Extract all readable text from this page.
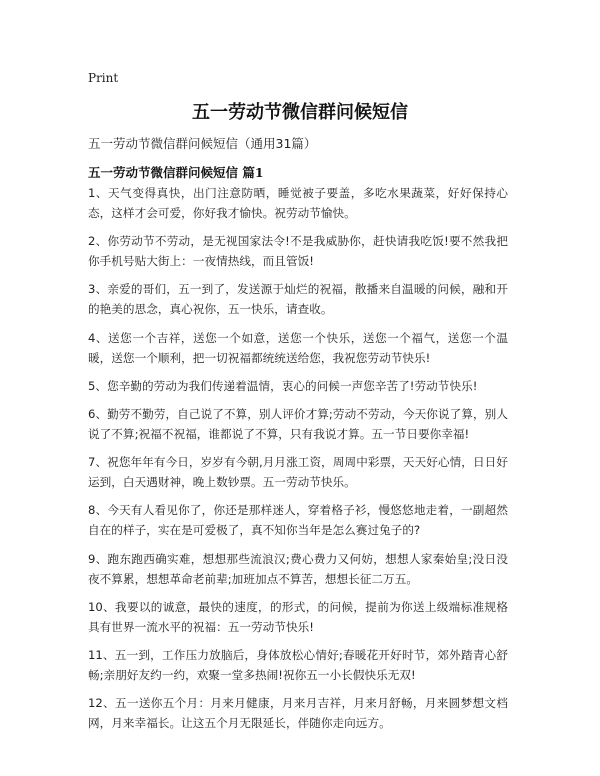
Print
五一劳动节微信群问候短信
五一劳动节微信群问候短信（通用31篇）
五一劳动节微信群问候短信 篇1

1、天气变得真快，出门注意防晒，睡觉被子要盖，多吃水果蔬菜，好好保持心态，这样才会可爱，你好我才愉快。祝劳动节愉快。

2、你劳动节不劳动，是无视国家法令!不是我威胁你，赶快请我吃饭!要不然我把你手机号贴大街上：一夜情热线，而且管饭!

3、亲爱的哥们，五一到了，发送源于灿烂的祝福，散播来自温暖的问候，融和开的艳美的思念，真心祝你，五一快乐，请查收。

4、送您一个吉祥，送您一个如意，送您一个快乐，送您一个福气，送您一个温暖，送您一个顺利，把一切祝福都统统送给您，我祝您劳动节快乐!

5、您辛勤的劳动为我们传递着温情，衷心的问候一声您辛苦了!劳动节快乐!

6、勤劳不勤劳，自己说了不算，别人评价才算;劳动不劳动，今天你说了算，别人说了不算;祝福不祝福，谁都说了不算，只有我说才算。五一节日要你幸福!

7、祝您年年有今日，岁岁有今朝,月月涨工资，周周中彩票，天天好心情，日日好运到，白天遇财神，晚上数钞票。五一劳动节快乐。

8、今天有人看见你了，你还是那样迷人，穿着格子衫，慢悠悠地走着，一副超然自在的样子，实在是可爱极了，真不知你当年是怎么赛过兔子的?

9、跑东跑西确实难，想想那些流浪汉;费心费力又何妨，想想人家秦始皇;没日没夜不算累，想想革命老前辈;加班加点不算苦，想想长征二万五。

10、我要以的诚意，最快的速度，的形式，的问候，提前为你送上级端标准规格具有世界一流水平的祝福：五一劳动节快乐!

11、五一到，工作压力放脑后，身体放松心情好;春暖花开好时节，郊外踏青心舒畅;亲朋好友约一约，欢聚一堂多热闹!祝你五一小长假快乐无双!

12、五一送你五个月：月来月健康，月来月吉祥，月来月舒畅，月来圆梦想文档网，月来幸福长。让这五个月无限延长，伴随你走向远方。
